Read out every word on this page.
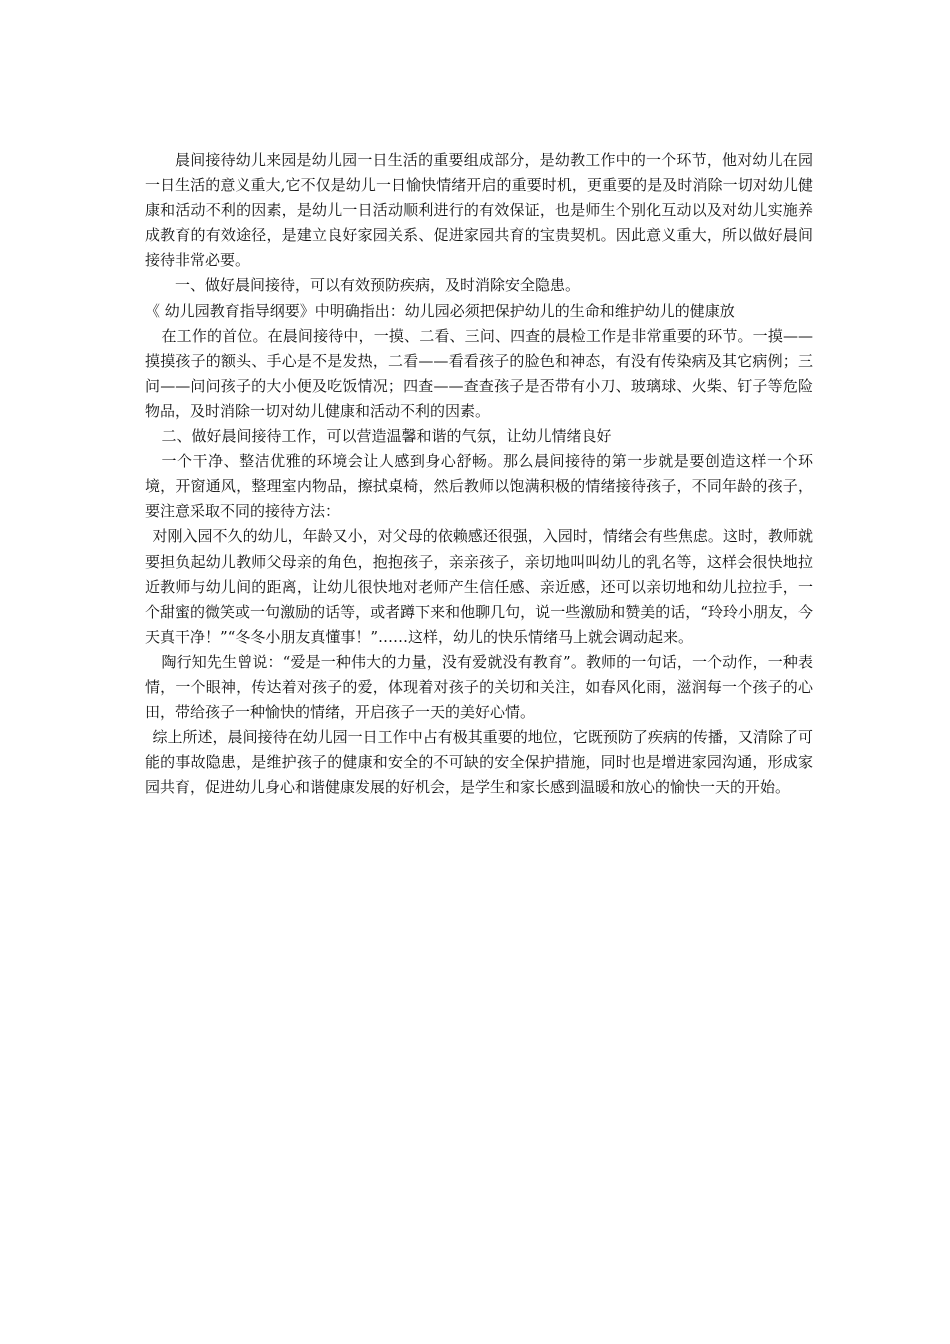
晨间接待幼儿来园是幼儿园一日生活的重要组成部分，是幼教工作中的一个环节，他对幼儿在园一日生活的意义重大,它不仅是幼儿一日愉快情绪开启的重要时机，更重要的是及时消除一切对幼儿健康和活动不利的因素，是幼儿一日活动顺利进行的有效保证，也是师生个别化互动以及对幼儿实施养成教育的有效途径，是建立良好家园关系、促进家园共育的宝贵契机。因此意义重大，所以做好晨间接待非常必要。

一、做好晨间接待，可以有效预防疾病，及时消除安全隐患。

《 幼儿园教育指导纲要》中明确指出：幼儿园必须把保护幼儿的生命和维护幼儿的健康放

在工作的首位。在晨间接待中，一摸、二看、三问、四查的晨检工作是非常重要的环节。一摸——摸摸孩子的额头、手心是不是发热，二看——看看孩子的脸色和神态，有没有传染病及其它病例；三问——问问孩子的大小便及吃饭情况；四查——查查孩子是否带有小刀、玻璃球、火柴、钉子等危险物品，及时消除一切对幼儿健康和活动不利的因素。

二、做好晨间接待工作，可以营造温馨和谐的气氛，让幼儿情绪良好

一个干净、整洁优雅的环境会让人感到身心舒畅。那么晨间接待的第一步就是要创造这样一个环境，开窗通风，整理室内物品，擦拭桌椅，然后教师以饱满积极的情绪接待孩子，不同年龄的孩子，要注意采取不同的接待方法：

对刚入园不久的幼儿，年龄又小，对父母的依赖感还很强，入园时，情绪会有些焦虑。这时，教师就要担负起幼儿教师父母亲的角色，抱抱孩子，亲亲孩子，亲切地叫叫幼儿的乳名等，这样会很快地拉近教师与幼儿间的距离，让幼儿很快地对老师产生信任感、亲近感，还可以亲切地和幼儿拉拉手，一个甜蜜的微笑或一句激励的话等，或者蹲下来和他聊几句，说一些激励和赞美的话，“玲玲小朋友，今天真干净！”“冬冬小朋友真懂事！”……这样，幼儿的快乐情绪马上就会调动起来。

陶行知先生曾说：“爱是一种伟大的力量，没有爱就没有教育”。教师的一句话，一个动作，一种表情，一个眼神，传达着对孩子的爱，体现着对孩子的关切和关注，如春风化雨，滋润每一个孩子的心田，带给孩子一种愉快的情绪，开启孩子一天的美好心情。

综上所述，晨间接待在幼儿园一日工作中占有极其重要的地位，它既预防了疾病的传播，又清除了可能的事故隐患，是维护孩子的健康和安全的不可缺的安全保护措施，同时也是增进家园沟通，形成家园共育，促进幼儿身心和谐健康发展的好机会，是学生和家长感到温暖和放心的愉快一天的开始。
